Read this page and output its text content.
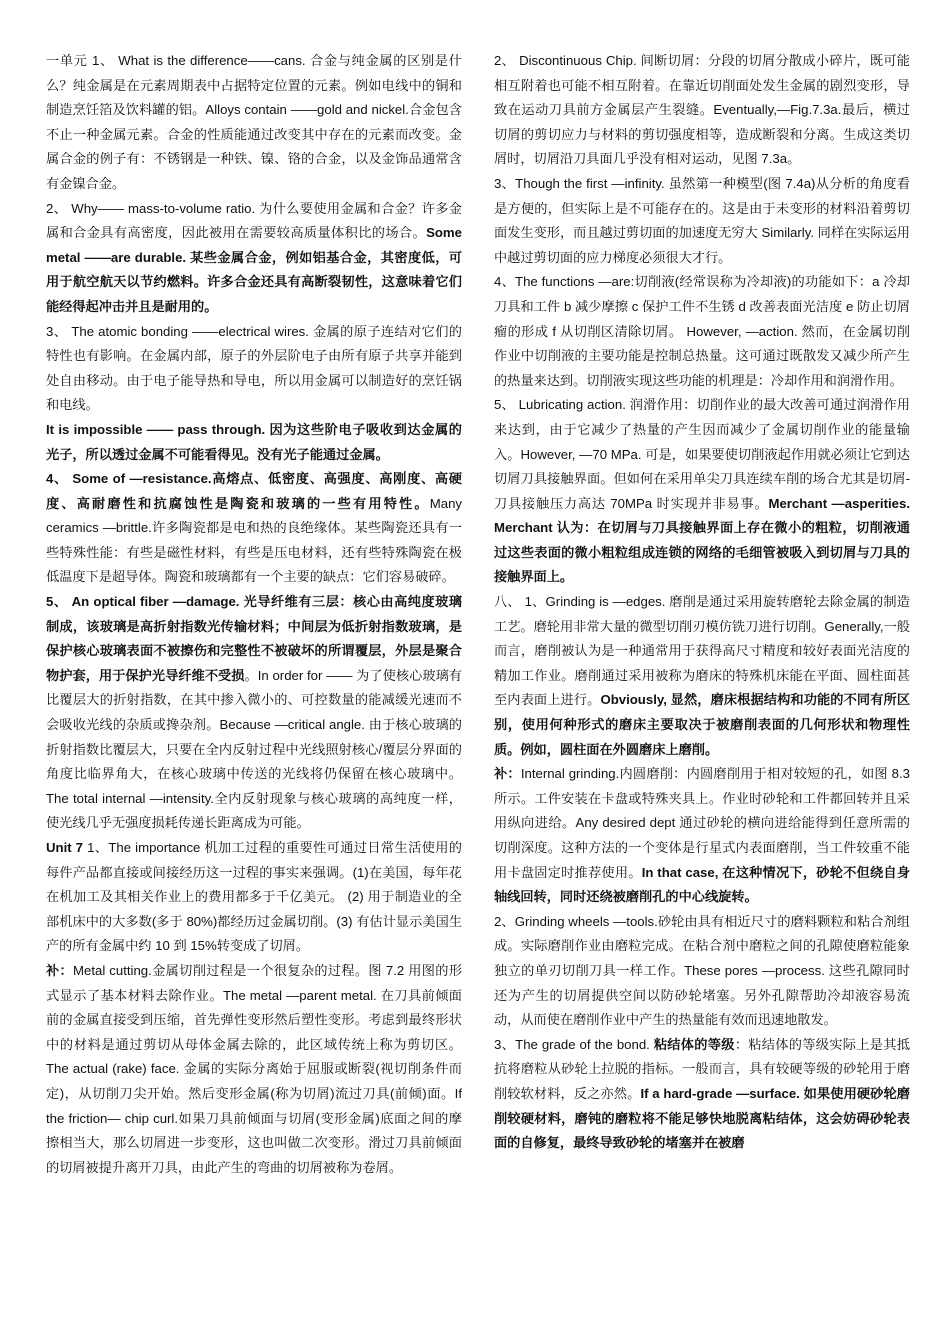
一单元 1、 What is the difference——cans. 合金与纯金属的区别是什么？纯金属是在元素周期表中占据特定位置的元素。例如电线中的铜和制造烹饪箔及饮料罐的铝。Alloys contain ——gold and nickel.合金包含不止一种金属元素。合金的性质能通过改变其中存在的元素而改变。金属合金的例子有：不锈钢是一种铁、镍、铬的合金，以及金饰品通常含有金镍合金。

2、 Why—— mass-to-volume ratio. 为什么要使用金属和合金？许多金属和合金具有高密度，因此被用在需要较高质量体积比的场合。Some metal ——are durable. 某些金属合金，例如铝基合金，其密度低，可用于航空航天以节约燃料。许多合金还具有高断裂韧性，这意味着它们能经得起冲击并且是耐用的。

3、 The atomic bonding ——electrical wires. 金属的原子连结对它们的特性也有影响。在金属内部，原子的外层阶电子由所有原子共享并能到处自由移动。由于电子能导热和导电，所以用金属可以制造好的烹饪锅和电线。

It is impossible —— pass through. 因为这些阶电子吸收到达金属的光子，所以透过金属不可能看得见。没有光子能通过金属。

4、 Some of —resistance.高熔点、低密度、高强度、高刚度、高硬度、高耐磨性和抗腐蚀性是陶瓷和玻璃的一些有用特性。Many ceramics —brittle.许多陶瓷都是电和热的良绝缘体。某些陶瓷还具有一些特殊性能：有些是磁性材料，有些是压电材料，还有些特殊陶瓷在极低温度下是超导体。陶瓷和玻璃都有一个主要的缺点：它们容易破碎。

5、 An optical fiber —damage. 光导纤维有三层：核心由高纯度玻璃制成，该玻璃是高折射指数光传输材料；中间层为低折射指数玻璃，是保护核心玻璃表面不被擦伤和完整性不被破坏的所谓覆层，外层是聚合物护套，用于保护光导纤维不受损。In order for —— 为了使核心玻璃有比覆层大的折射指数，在其中掺入微小的、可控数量的能减缓光速而不会吸收光线的杂质或搀杂剂。Because —critical angle. 由于核心玻璃的折射指数比覆层大，只要在全内反射过程中光线照射核心/覆层分界面的角度比临界角大，在核心玻璃中传送的光线将仍保留在核心玻璃中。The total internal —intensity.全内反射现象与核心玻璃的高纯度一样，使光线几乎无强度损耗传递长距离成为可能。

Unit 7 1、The importance 机加工过程的重要性可通过日常生活使用的每件产品都直接或间接经历这一过程的事实来强调。(1)在美国，每年花在机加工及其相关作业上的费用都多于千亿美元。 (2) 用于制造业的全部机床中的大多数(多于 80%)都经历过金属切削。(3) 有估计显示美国生产的所有金属中约 10 到 15%转变成了切屑。

补：Metal cutting.金属切削过程是一个很复杂的过程。图 7.2 用图的形式显示了基本材料去除作业。The metal —parent metal. 在刀具前倾面前的金属直接受到压缩，首先弹性变形然后塑性变形。考虑到最终形状中的材料是通过剪切从母体金属去除的，此区域传统上称为剪切区。The actual (rake) face. 金属的实际分离始于屈服或断裂(视切削条件而定)，从切削刀尖开始。然后变形金属(称为切屑)流过刀具(前倾)面。If the friction— chip curl.如果刀具前倾面与切屑(变形金属)底面之间的摩擦相当大，那么切屑进一步变形，这也叫做二次变形。滑过刀具前倾面的切屑被提升离开刀具，由此产生的弯曲的切屑被称为卷屑。

2、 Discontinuous Chip. 间断切屑：分段的切屑分散成小碎片，既可能相互附着也可能不相互附着。在靠近切削面处发生金属的剧烈变形，导致在运动刀具前方金属层产生裂缝。Eventually,—Fig.7.3a.最后，横过切屑的剪切应力与材料的剪切强度相等，造成断裂和分离。生成这类切屑时，切屑沿刀具面几乎没有相对运动，见图 7.3a。

3、Though the first —infinity. 虽然第一种模型(图 7.4a)从分析的角度看是方便的，但实际上是不可能存在的。这是由于未变形的材料沿着剪切面发生变形，而且越过剪切面的加速度无穷大 Similarly. 同样在实际运用中越过剪切面的应力梯度必须很大才行。

4、The functions —are:切削液(经常误称为冷却液)的功能如下：a 冷却刀具和工件 b 减少摩擦 c 保护工件不生锈 d 改善表面光洁度 e 防止切屑瘤的形成 f 从切削区清除切屑。 However, —action. 然而，在金属切削作业中切削液的主要功能是控制总热量。这可通过既散发又减少所产生的热量来达到。切削液实现这些功能的机理是：冷却作用和润滑作用。

5、 Lubricating action. 润滑作用：切削作业的最大改善可通过润滑作用来达到，由于它减少了热量的产生因而减少了金属切削作业的能量输入。However, —70 MPa. 可是，如果要使切削液起作用就必须让它到达切屑刀具接触界面。但如何在采用单尖刀具连续车削的场合尤其是切屑-刀具接触压力高达 70MPa 时实现并非易事。Merchant —asperities. Merchant 认为：在切屑与刀具接触界面上存在微小的粗粒，切削液通过这些表面的微小粗粒组成连锁的网络的毛细管被吸入到切屑与刀具的接触界面上。

八、 1、Grinding is —edges. 磨削是通过采用旋转磨轮去除金属的制造工艺。磨轮用非常大量的微型切削刃模仿铣刀进行切削。Generally,一般而言，磨削被认为是一种通常用于获得高尺寸精度和较好表面光洁度的精加工作业。磨削通过采用被称为磨床的特殊机床能在平面、圆柱面甚至内表面上进行。Obviously, 显然，磨床根据结构和功能的不同有所区别，使用何种形式的磨床主要取决于被磨削表面的几何形状和物理性质。例如，圆柱面在外圆磨床上磨削。

补：Internal grinding.内圆磨削：内圆磨削用于相对较短的孔，如图 8.3 所示。工件安装在卡盘或特殊夹具上。作业时砂轮和工件都回转并且采用纵向进给。Any desired dept 通过砂轮的横向进给能得到任意所需的切削深度。这种方法的一个变体是行星式内表面磨削，当工件较重不能用卡盘固定时推荐使用。In that case, 在这种情况下，砂轮不但绕自身轴线回转，同时还绕被磨削孔的中心线旋转。

2、Grinding wheels —tools.砂轮由具有相近尺寸的磨料颗粒和粘合剂组成。实际磨削作业由磨粒完成。在粘合剂中磨粒之间的孔隙使磨粒能象独立的单刃切削刀具一样工作。These pores —process. 这些孔隙同时还为产生的切屑提供空间以防砂轮堵塞。另外孔隙帮助冷却液容易流动，从而使在磨削作业中产生的热量能有效而迅速地散发。

3、The grade of the bond. 粘结体的等级：粘结体的等级实际上是其抵抗将磨粒从砂轮上拉脱的指标。一般而言，具有较硬等级的砂轮用于磨削较软材料，反之亦然。If a hard-grade —surface. 如果使用硬砂轮磨削较硬材料，磨钝的磨粒将不能足够快地脱离粘结体，这会妨碍砂轮表面的自修复，最终导致砂轮的堵塞并在被磨
